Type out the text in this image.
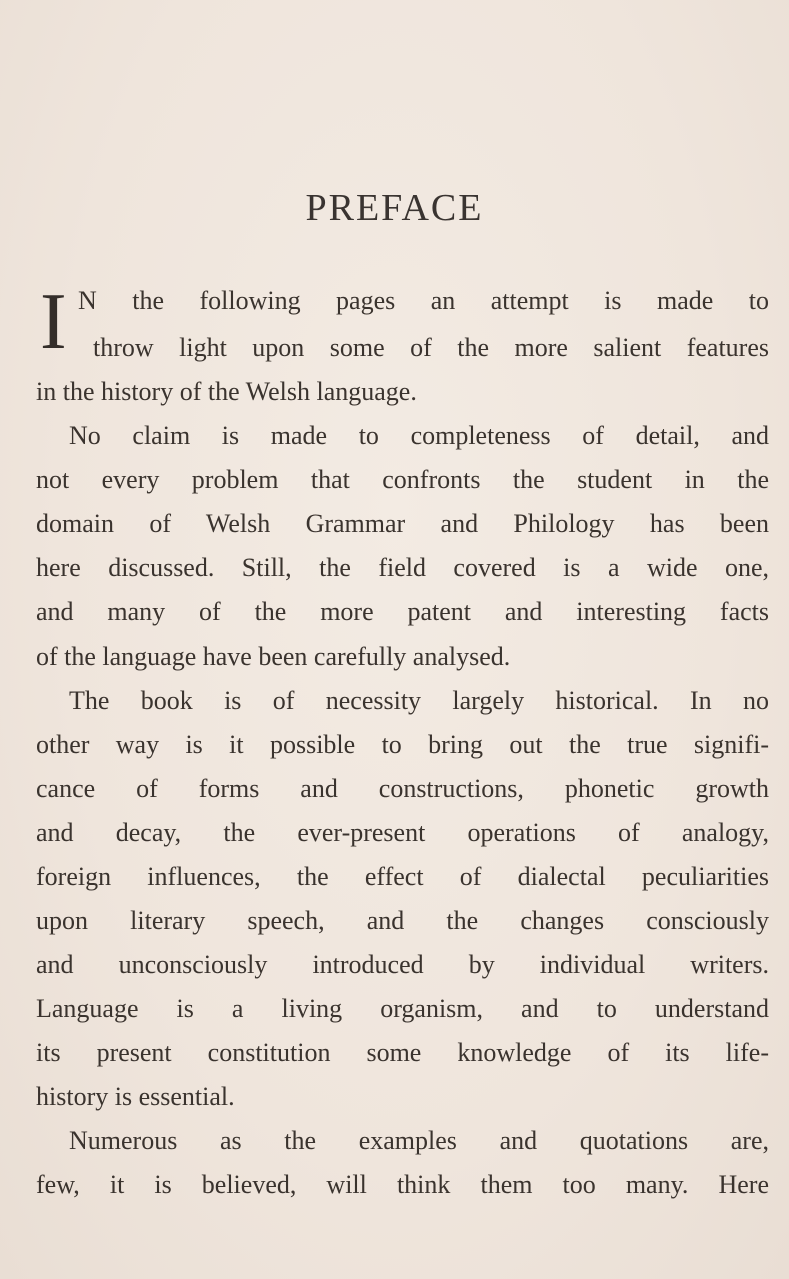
PREFACE
I N the following pages an attempt is made to
throw light upon some of the more salient features
in the history of the Welsh language.
No claim is made to completeness of detail, and
not every problem that confronts the student in the
domain of Welsh Grammar and Philology has been
here discussed. Still, the field covered is a wide one,
and many of the more patent and interesting facts
of the language have been carefully analysed.
The book is of necessity largely historical. In no
other way is it possible to bring out the true signifi-
cance of forms and constructions, phonetic growth
and decay, the ever-present operations of analogy,
foreign influences, the effect of dialectal peculiarities
upon literary speech, and the changes consciously
and unconsciously introduced by individual writers.
Language is a living organism, and to understand
its present constitution some knowledge of its life-
history is essential.
Numerous as the examples and quotations are,
few, it is believed, will think them too many. Here
